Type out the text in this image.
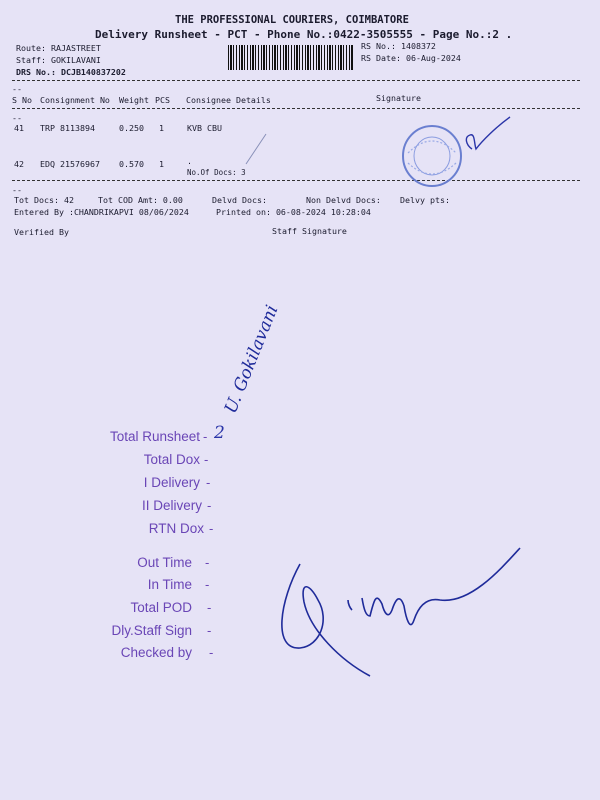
THE PROFESSIONAL COURIERS, COIMBATORE
Delivery Runsheet - PCT - Phone No.:0422-3505555 - Page No.:2 .
Route: RAJASTREET
Staff: GOKILAVANI
DRS No.: DCJB140837202
RS No.: 1408372
RS Date: 06-Aug-2024
--
S No Consignment No Weight PCS Consignee Details	Signature
--
41 TRP 8113894	0.250 1	KVB CBU
42 EDQ 21576967 0.570 1	.
No.Of Docs: 3
--
Tot Docs: 42	Tot COD Amt: 0.00	Delvd Docs:	Non Delvd Docs: Delvy pts:
Entered By :CHANDRIKAPVI 08/06/2024	Printed on: 06-08-2024 10:28:04
Verified By	Staff Signature
U. Gokilavani
Total Runsheet - 2
Total Dox -
I Delivery -
II Delivery -
RTN Dox -
Out Time -
In Time -
Total POD -
Dly.Staff Sign -
Checked by -
